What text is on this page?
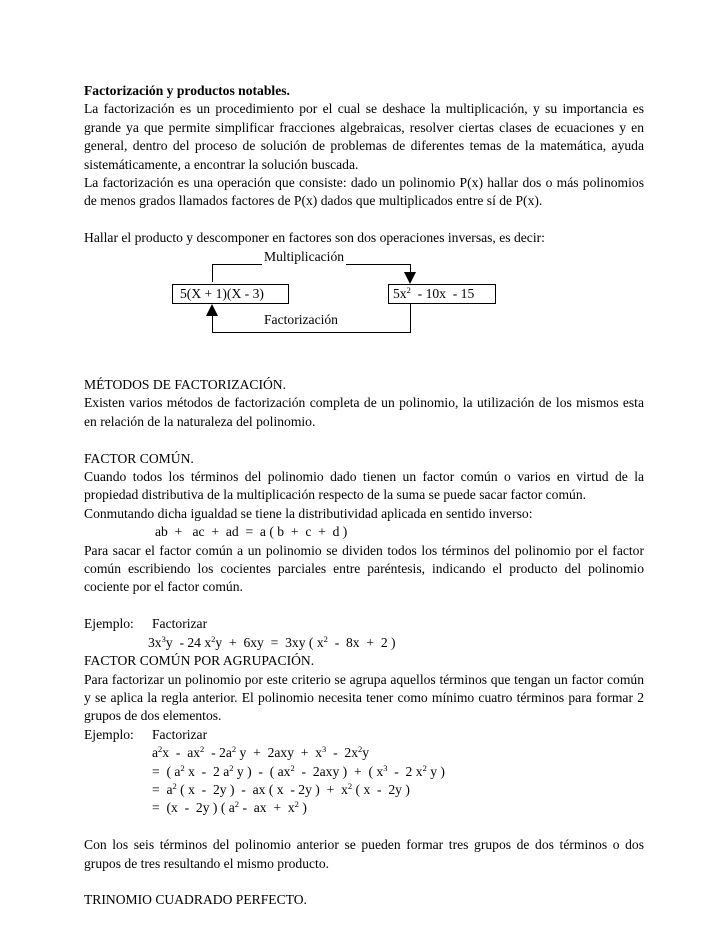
Factorización y productos notables.

La factorización es un procedimiento por el cual se deshace la multiplicación, y su importancia es grande ya que permite simplificar fracciones algebraicas, resolver ciertas clases de ecuaciones y en general, dentro del proceso de solución de problemas de diferentes temas de la matemática, ayuda sistemáticamente, a encontrar la solución buscada.

La factorización es una operación que consiste: dado un polinomio P(x) hallar dos o más polinomios de menos grados llamados factores de P(x) dados que multiplicados entre sí de P(x).

Hallar el producto y descomponer en factores son dos operaciones inversas, es decir:

Multiplicación
5(X + 1)(X - 3)	$5x^2 - 10x - 15$
Factorización

MÉTODOS DE FACTORIZACIÓN.

Existen varios métodos de factorización completa de un polinomio, la utilización de los mismos esta en relación de la naturaleza del polinomio.

FACTOR COMÚN.

Cuando todos los términos del polinomio dado tienen un factor común o varios en virtud de la propiedad distributiva de la multiplicación respecto de la suma se puede sacar factor común.

Conmutando dicha igualdad se tiene la distributividad aplicada en sentido inverso:

ab  +   ac  +  ad  =  a ( b  +  c  +  d )

Para sacar el factor común a un polinomio se dividen todos los términos del polinomio por el factor común escribiendo los cocientes parciales entre paréntesis, indicando el producto del polinomio cociente por el factor común.

Ejemplo: Factorizar

$3x^3y - 24$ $x^2y + 6xy = 3xy$ ( $x^2 - 8x + 2$ )

FACTOR COMÚN POR AGRUPACIÓN.

Para factorizar un polinomio por este criterio se agrupa aquellos términos que tengan un factor común y se aplica la regla anterior. El polinomio necesita tener como mínimo cuatro términos para formar 2 grupos de dos elementos.

Ejemplo: Factorizar

$a^2x - ax^2 - 2a^2$ $y + 2axy + x^3 - 2x^2y$

=  ( $a^2$ x  -  2 $a^2$ y )  -  ( $ax^2 - 2axy$ )  +  ( $x^3 - 2$ $x^2$ y )

=  $a^2$ ( x  -  2y )  -  ax ( x  - 2y )  +  $x^2$ ( x  -  2y )

=  (x  -  2y ) ( $a^2$ -  ax  +  $x^2$ )

Con los seis términos del polinomio anterior se pueden formar tres grupos de dos términos o dos grupos de tres resultando el mismo producto.

TRINOMIO CUADRADO PERFECTO.
